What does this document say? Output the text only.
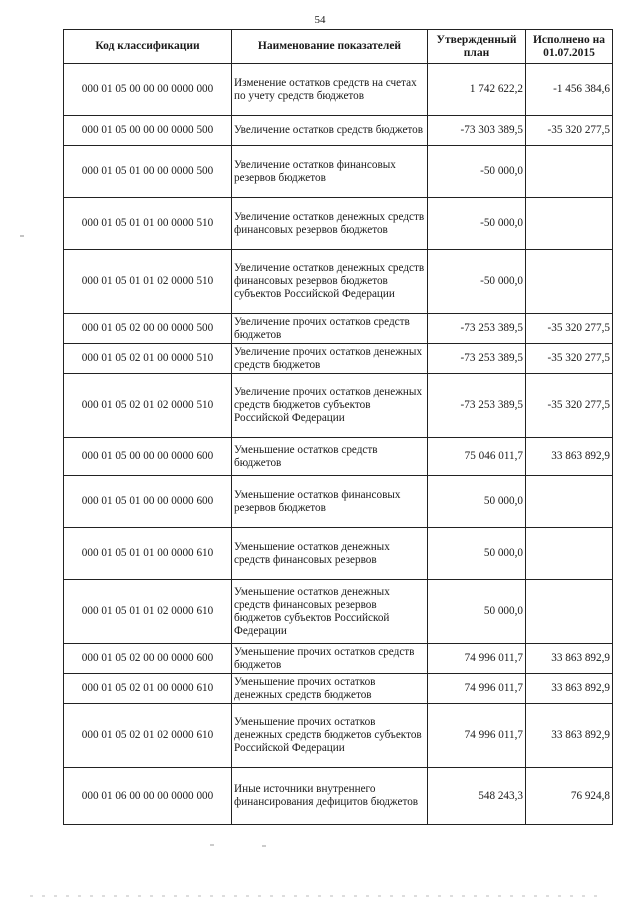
54
Код классификации	Наименование показателей	Утвержденный план	Исполнено на 01.07.2015
000 01 05 00 00 00 0000 000	Изменение остатков средств на счетах по учету средств бюджетов	1 742 622,2	-1 456 384,6
000 01 05 00 00 00 0000 500	Увеличение остатков средств бюджетов	-73 303 389,5	-35 320 277,5
000 01 05 01 00 00 0000 500	Увеличение остатков финансовых резервов бюджетов	-50 000,0	
000 01 05 01 01 00 0000 510	Увеличение остатков денежных средств финансовых резервов бюджетов	-50 000,0	
000 01 05 01 01 02 0000 510	Увеличение остатков денежных средств финансовых резервов бюджетов субъектов Российской Федерации	-50 000,0	
000 01 05 02 00 00 0000 500	Увеличение прочих остатков средств бюджетов	-73 253 389,5	-35 320 277,5
000 01 05 02 01 00 0000 510	Увеличение прочих остатков денежных средств бюджетов	-73 253 389,5	-35 320 277,5
000 01 05 02 01 02 0000 510	Увеличение прочих остатков денежных средств бюджетов субъектов Российской Федерации	-73 253 389,5	-35 320 277,5
000 01 05 00 00 00 0000 600	Уменьшение остатков средств бюджетов	75 046 011,7	33 863 892,9
000 01 05 01 00 00 0000 600	Уменьшение остатков финансовых резервов бюджетов	50 000,0	
000 01 05 01 01 00 0000 610	Уменьшение остатков денежных средств финансовых резервов	50 000,0	
000 01 05 01 01 02 0000 610	Уменьшение остатков денежных средств финансовых резервов бюджетов субъектов Российской Федерации	50 000,0	
000 01 05 02 00 00 0000 600	Уменьшение прочих остатков средств бюджетов	74 996 011,7	33 863 892,9
000 01 05 02 01 00 0000 610	Уменьшение прочих остатков денежных средств бюджетов	74 996 011,7	33 863 892,9
000 01 05 02 01 02 0000 610	Уменьшение прочих остатков денежных средств бюджетов субъектов Российской Федерации	74 996 011,7	33 863 892,9
000 01 06 00 00 00 0000 000	Иные источники внутреннего финансирования дефицитов бюджетов	548 243,3	76 924,8
